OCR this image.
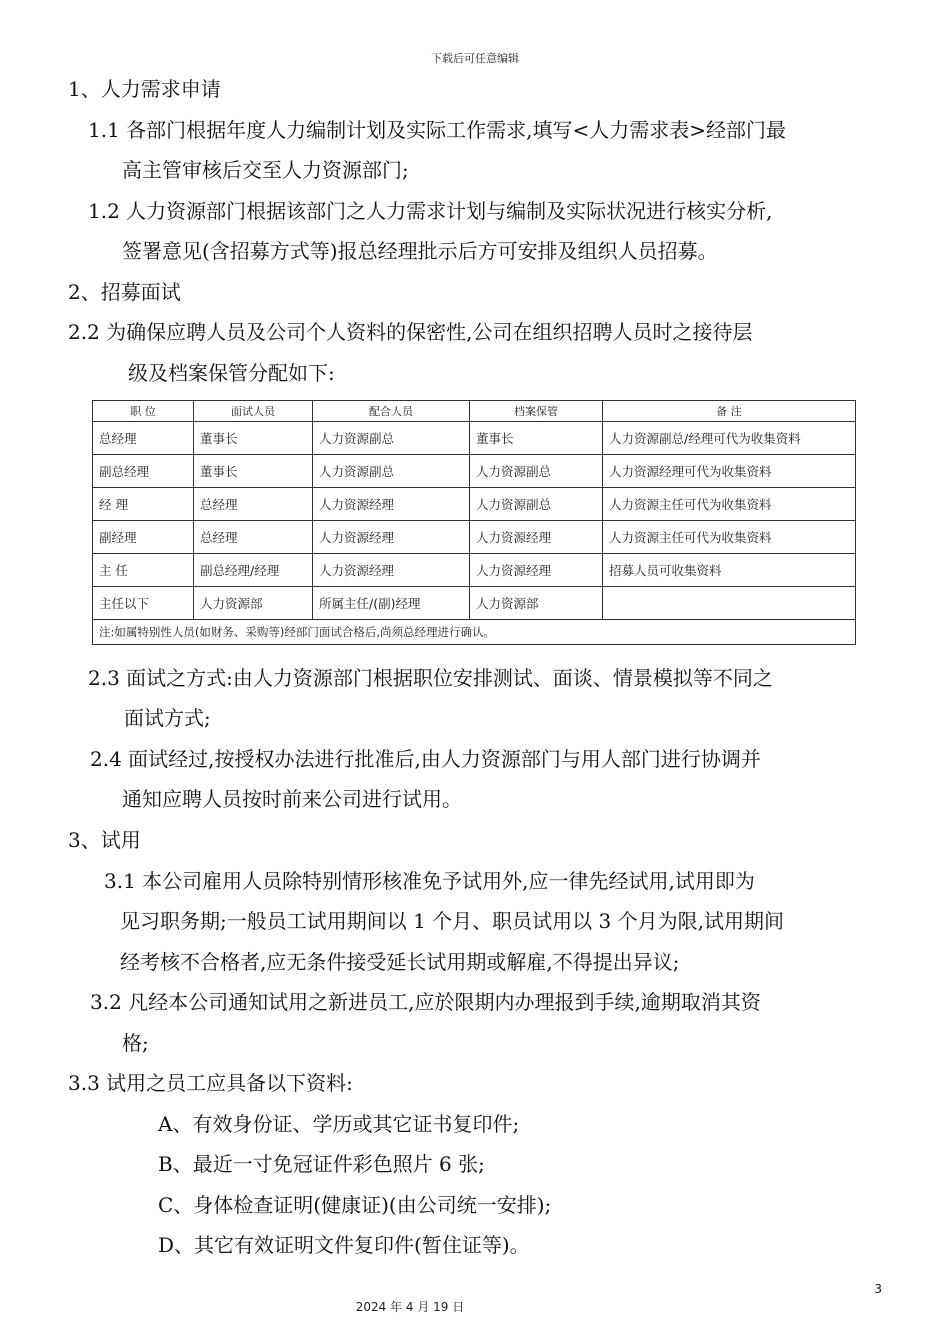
下载后可任意编辑
1、人力需求申请
1.1 各部门根据年度人力编制计划及实际工作需求,填写<人力需求表>经部门最
高主管审核后交至人力资源部门;
1.2 人力资源部门根据该部门之人力需求计划与编制及实际状况进行核实分析,
签署意见(含招募方式等)报总经理批示后方可安排及组织人员招募。
2、招募面试
2.2 为确保应聘人员及公司个人资料的保密性,公司在组织招聘人员时之接待层
级及档案保管分配如下:
职 位	面试人员	配合人员	档案保管	备 注
总经理	董事长	人力资源副总	董事长	人力资源副总/经理可代为收集资料
副总经理	董事长	人力资源副总	人力资源副总	人力资源经理可代为收集资料
经 理	总经理	人力资源经理	人力资源副总	人力资源主任可代为收集资料
副经理	总经理	人力资源经理	人力资源经理	人力资源主任可代为收集资料
主 任	副总经理/经理	人力资源经理	人力资源经理	招募人员可收集资料
主任以下	人力资源部	所属主任/(副)经理	人力资源部	
注:如属特别性人员(如财务、采购等)经部门面试合格后,尚须总经理进行确认。				
2.3 面试之方式:由人力资源部门根据职位安排测试、面谈、情景模拟等不同之
面试方式;
2.4 面试经过,按授权办法进行批准后,由人力资源部门与用人部门进行协调并
通知应聘人员按时前来公司进行试用。
3、试用
3.1 本公司雇用人员除特别情形核准免予试用外,应一律先经试用,试用即为
见习职务期;一般员工试用期间以 1 个月、职员试用以 3 个月为限,试用期间
经考核不合格者,应无条件接受延长试用期或解雇,不得提出异议;
3.2 凡经本公司通知试用之新进员工,应於限期内办理报到手续,逾期取消其资
格;
3.3 试用之员工应具备以下资料:
A、有效身份证、学历或其它证书复印件;
B、最近一寸免冠证件彩色照片 6 张;
C、身体检查证明(健康证)(由公司统一安排);
D、其它有效证明文件复印件(暂住证等)。
3
2024 年 4 月 19 日
